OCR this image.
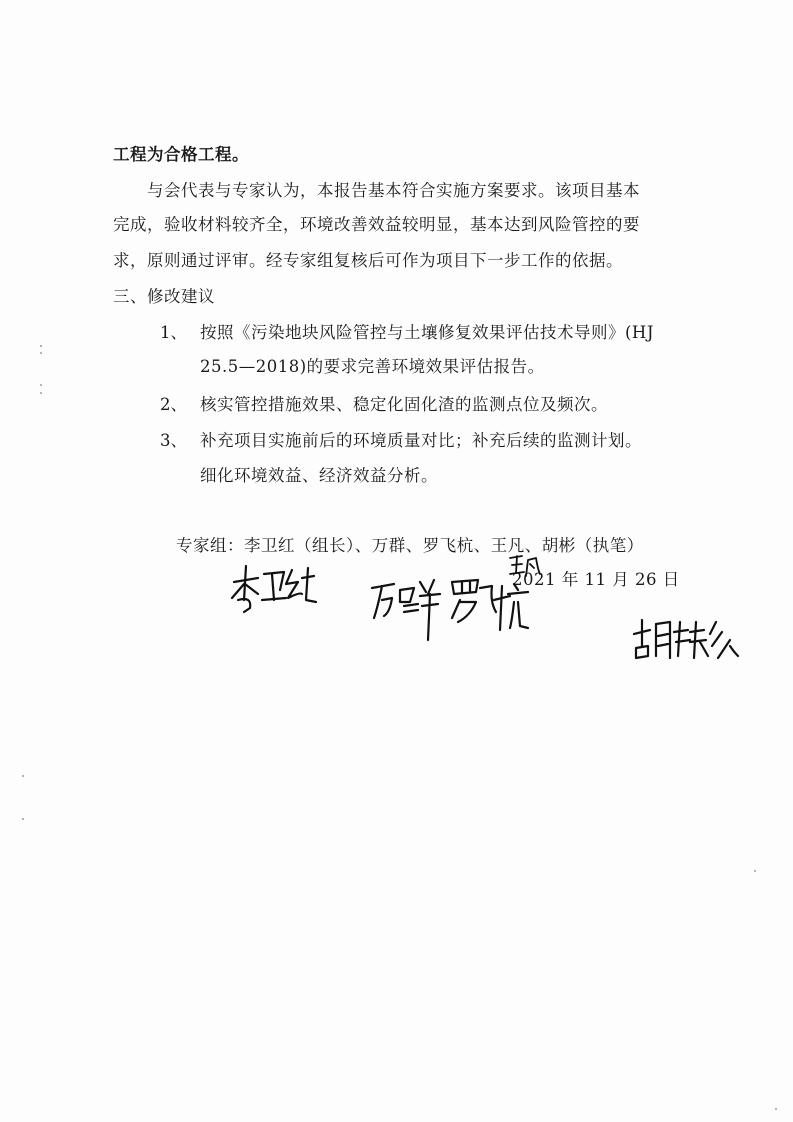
工程为合格工程。
与会代表与专家认为，本报告基本符合实施方案要求。该项目基本
完成，验收材料较齐全，环境改善效益较明显，基本达到风险管控的要
求，原则通过评审。经专家组复核后可作为项目下一步工作的依据。
三、修改建议
1、 按照《污染地块风险管控与土壤修复效果评估技术导则》(HJ
25.5—2018)的要求完善环境效果评估报告。
2、 核实管控措施效果、稳定化固化渣的监测点位及频次。
3、 补充项目实施前后的环境质量对比；补充后续的监测计划。
细化环境效益、经济效益分析。
专家组：李卫红（组长）、万群、罗飞杭、王凡、胡彬（执笔）
2021 年 11 月 26 日
